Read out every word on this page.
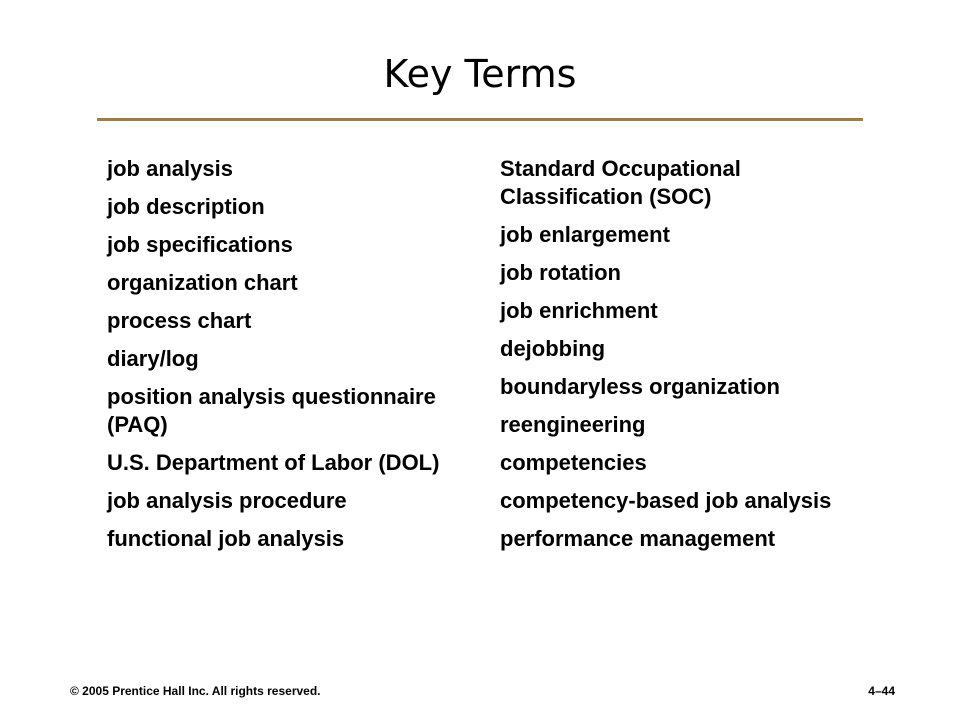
Key Terms
job analysis
job description
job specifications
organization chart
process chart
diary/log
position analysis questionnaire (PAQ)
U.S. Department of Labor (DOL)
job analysis procedure
functional job analysis
Standard Occupational Classification (SOC)
job enlargement
job rotation
job enrichment
dejobbing
boundaryless organization
reengineering
competencies
competency-based job analysis
performance management
© 2005 Prentice Hall Inc. All rights reserved.	4–44
